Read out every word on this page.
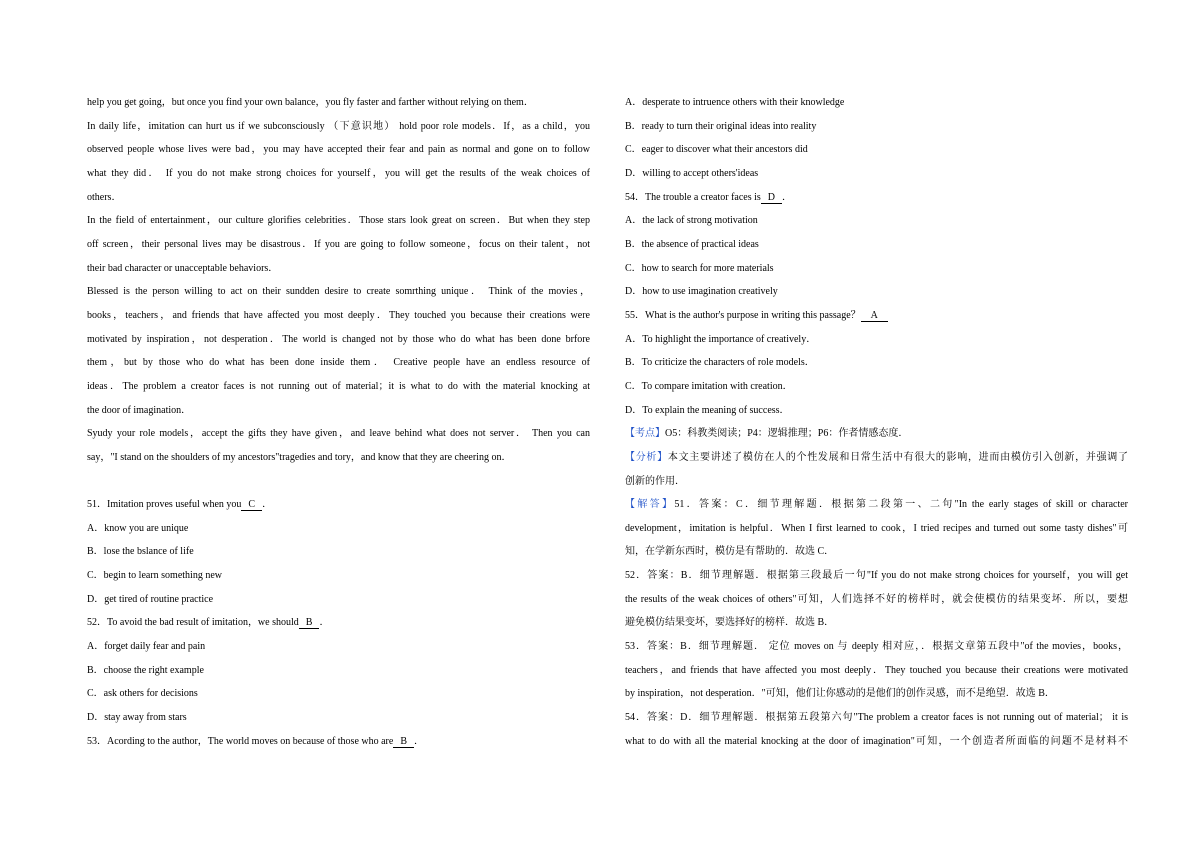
help you get going，but once you find your own balance，you fly faster and farther without relying on them．
In daily life，imitation can hurt us if we subconsciously （下意识地） hold poor role models．If，as a child，you
observed people whose lives were bad，you may have accepted their fear and pain as normal and gone on to follow
what they did． If you do not make strong choices for yourself，you will get the results of the weak choices of
others．
In the field of entertainment，our culture glorifies celebrities．Those stars look great on screen．But when they step
off screen，their personal lives may be disastrous．If you are going to follow someone，focus on their talent，not
their bad character or unacceptable behaviors．
Blessed is the person willing to act on their sundden desire to create somrthing unique． Think of the movies，
books，teachers，and friends that have affected you most deeply．They touched you because their creations were
motivated by inspiration，not desperation．The world is changed not by those who do what has been done brfore
them，but by those who do what has been done inside them． Creative people have an endless resource of
ideas．The problem a creator faces is not running out of material；it is what to do with the material knocking at
the door of imagination．
Syudy your role models，accept the gifts they have given，and leave behind what does not server． Then you can
say，"I stand on the shoulders of my ancestors"tragedies and tory，and know that they are cheering on．
51．Imitation proves useful when you C ．
A．know you are unique
B．lose the bslance of life
C．begin to learn something new
D．get tired of routine practice
52．To avoid the bad result of imitation，we should B ．
A．forget daily fear and pain
B．choose the right example
C．ask others for decisions
D．stay away from stars
53．Acording to the author，The world moves on because of those who are B ．
A．desperate to intruence others with their knowledge
B．ready to turn their original ideas into reality
C．eager to discover what their ancestors did
D．willing to accept others'ideas
54．The trouble a creator faces is D ．
A．the lack of strong motivation
B．the absence of practical ideas
C．how to search for more materials
D．how to use imagination creatively
55．What is the author's purpose in writing this passage？ A
A．To highlight the importance of creatively．
B．To criticize the characters of role models．
C．To compare imitation with creation．
D．To explain the meaning of success．
【考点】O5：科教类阅读；P4：逻辑推理；P6：作者情感态度．
【分析】本文主要讲述了模仿在人的个性发展和日常生活中有很大的影响，进而由模仿引入创新，并强调了
创新的作用．
【解答】51．答案：C．细节理解题．根据第二段第一、二句"In the early stages of skill or character
development，imitation is helpful．When I first learned to cook，I tried recipes and turned out some tasty dishes"可
知，在学新东西时，模仿是有帮助的．故选 C．
52．答案：B．细节理解题．根据第三段最后一句"If you do not make strong choices for yourself，you will get
the results of the weak choices of others"可知，人们选择不好的榜样时，就会使模仿的结果变坏．所以，要想
避免模仿结果变坏，要选择好的榜样．故选 B．
53．答案：B．细节理解题． 定位 moves on 与 deeply 相对应，．根据文章第五段中"of the movies，books，
teachers，and friends that have affected you most deeply．They touched you because their creations were motivated
by inspiration，not desperation．"可知，他们让你感动的是他们的创作灵感，而不是绝望．故选 B．
54．答案：D．细节理解题．根据第五段第六句"The problem a creator faces is not running out of material； it is
what to do with all the material knocking at the door of imagination"可知，一个创造者所面临的问题不是材料不
